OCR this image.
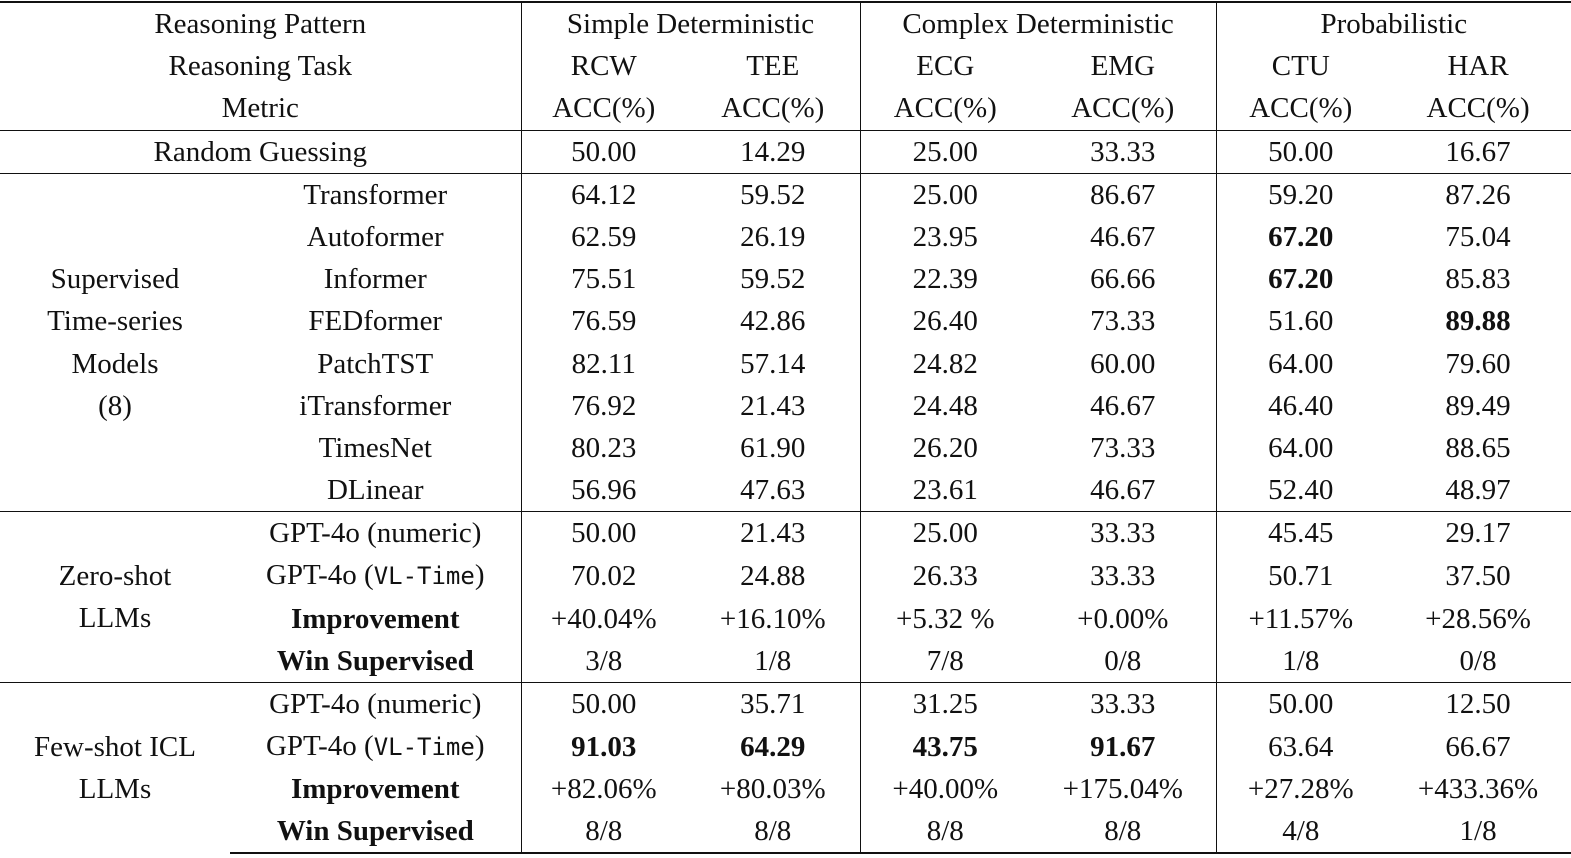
Reasoning Pattern		Simple Deterministic		Complex Deterministic		Probabilistic	
Reasoning Task		RCW	TEE	ECG	EMG	CTU	HAR
Metric		ACC(%)	ACC(%)	ACC(%)	ACC(%)	ACC(%)	ACC(%)
Random Guessing		50.00	14.29	25.00	33.33	50.00	16.67

Supervised
Time-series
Models
(8)	Transformer	64.12	59.52	25.00	86.67	59.20	87.26
	Autoformer	62.59	26.19	23.95	46.67	67.20	75.04
	Informer	75.51	59.52	22.39	66.66	67.20	85.83
	FEDformer	76.59	42.86	26.40	73.33	51.60	89.88
	PatchTST	82.11	57.14	24.82	60.00	64.00	79.60
	iTransformer	76.92	21.43	24.48	46.67	46.40	89.49
	TimesNet	80.23	61.90	26.20	73.33	64.00	88.65
	DLinear	56.96	47.63	23.61	46.67	52.40	48.97

Zero-shot
LLMs	GPT-4o (numeric)	50.00	21.43	25.00	33.33	45.45	29.17
	GPT-4o (VL-Time)	70.02	24.88	26.33	33.33	50.71	37.50
	Improvement	+40.04%	+16.10%	+5.32 %	+0.00%	+11.57%	+28.56%
	Win Supervised	3/8	1/8	7/8	0/8	1/8	0/8

Few-shot ICL
LLMs	GPT-4o (numeric)	50.00	35.71	31.25	33.33	50.00	12.50
	GPT-4o (VL-Time)	91.03	64.29	43.75	91.67	63.64	66.67
	Improvement	+82.06%	+80.03%	+40.00%	+175.04%	+27.28%	+433.36%
	Win Supervised	8/8	8/8	8/8	8/8	4/8	1/8
